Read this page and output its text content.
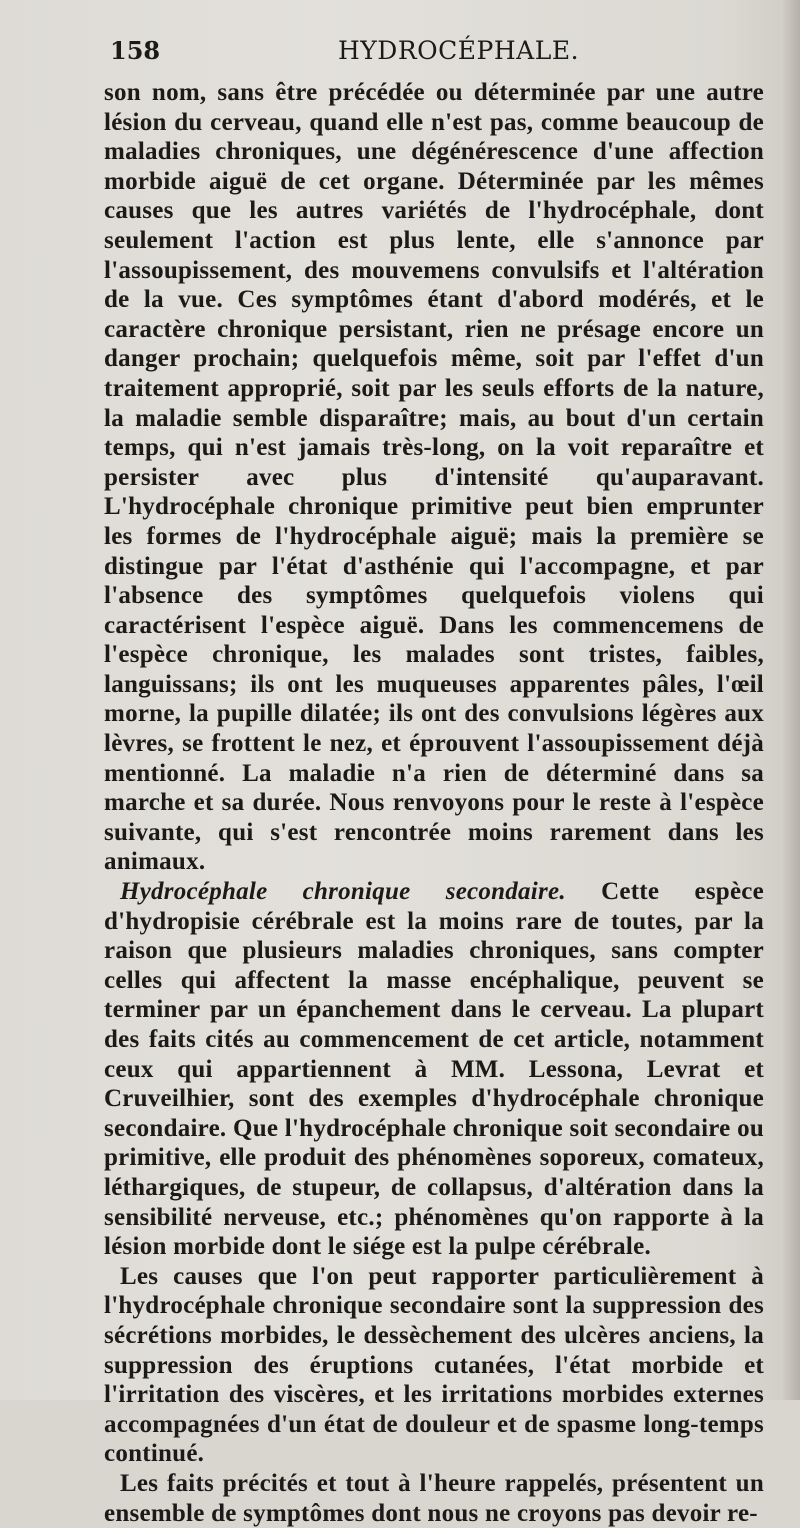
158	HYDROCÉPHALE.

son nom, sans être précédée ou déterminée par une autre lésion du cerveau, quand elle n'est pas, comme beaucoup de maladies chroniques, une dégénérescence d'une affection morbide aiguë de cet organe. Déterminée par les mêmes causes que les autres variétés de l'hydrocéphale, dont seulement l'action est plus lente, elle s'annonce par l'assoupissement, des mouvemens convulsifs et l'altération de la vue. Ces symptômes étant d'abord modérés, et le caractère chronique persistant, rien ne présage encore un danger prochain; quelquefois même, soit par l'effet d'un traitement approprié, soit par les seuls efforts de la nature, la maladie semble disparaître; mais, au bout d'un certain temps, qui n'est jamais très-long, on la voit reparaître et persister avec plus d'intensité qu'auparavant. L'hydrocéphale chronique primitive peut bien emprunter les formes de l'hydrocéphale aiguë; mais la première se distingue par l'état d'asthénie qui l'accompagne, et par l'absence des symptômes quelquefois violens qui caractérisent l'espèce aiguë. Dans les commencemens de l'espèce chronique, les malades sont tristes, faibles, languissans; ils ont les muqueuses apparentes pâles, l'œil morne, la pupille dilatée; ils ont des convulsions légères aux lèvres, se frottent le nez, et éprouvent l'assoupissement déjà mentionné. La maladie n'a rien de déterminé dans sa marche et sa durée. Nous renvoyons pour le reste à l'espèce suivante, qui s'est rencontrée moins rarement dans les animaux.

Hydrocéphale chronique secondaire. Cette espèce d'hydropisie cérébrale est la moins rare de toutes, par la raison que plusieurs maladies chroniques, sans compter celles qui affectent la masse encéphalique, peuvent se terminer par un épanchement dans le cerveau. La plupart des faits cités au commencement de cet article, notamment ceux qui appartiennent à MM. Lessona, Levrat et Cruveilhier, sont des exemples d'hydrocéphale chronique secondaire. Que l'hydrocéphale chronique soit secondaire ou primitive, elle produit des phénomènes soporeux, comateux, léthargiques, de stupeur, de collapsus, d'altération dans la sensibilité nerveuse, etc.; phénomènes qu'on rapporte à la lésion morbide dont le siége est la pulpe cérébrale.

Les causes que l'on peut rapporter particulièrement à l'hydrocéphale chronique secondaire sont la suppression des sécrétions morbides, le dessèchement des ulcères anciens, la suppression des éruptions cutanées, l'état morbide et l'irritation des viscères, et les irritations morbides externes accompagnées d'un état de douleur et de spasme long-temps continué.

Les faits précités et tout à l'heure rappelés, présentent un ensemble de symptômes dont nous ne croyons pas devoir re-
